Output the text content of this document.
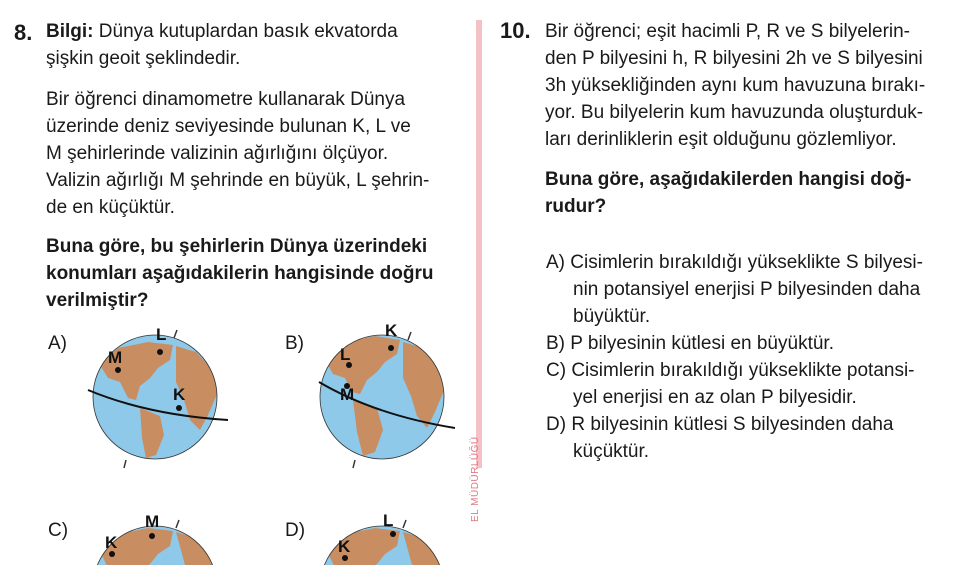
EL MÜDÜRLÜĞÜ
8. Bilgi: Dünya kutuplardan basık ekvatorda
şişkin geoit şeklindedir.
Bir öğrenci dinamometre kullanarak Dünya
üzerinde deniz seviyesinde bulunan K, L ve
M şehirlerinde valizinin ağırlığını ölçüyor.
Valizin ağırlığı M şehrinde en büyük, L şehrin-
de en küçüktür.
Buna göre, bu şehirlerin Dünya üzerindeki
konumları aşağıdakilerin hangisinde doğru
verilmiştir?
A)	L
M
K
B)
K
L
M
C)	M
K
D)	L
K
10. Bir öğrenci; eşit hacimli P, R ve S bilyelerin-
den P bilyesini h, R bilyesini 2h ve S bilyesini
3h yüksekliğinden aynı kum havuzuna bırakı-
yor. Bu bilyelerin kum havuzunda oluşturduk-
ları derinliklerin eşit olduğunu gözlemliyor.
Buna göre, aşağıdakilerden hangisi doğ-
rudur?
A) Cisimlerin bırakıldığı yükseklikte S bilyesi-
nin potansiyel enerjisi P bilyesinden daha
büyüktür.
B) P bilyesinin kütlesi en büyüktür.
C) Cisimlerin bırakıldığı yükseklikte potansi-
yel enerjisi en az olan P bilyesidir.
D) R bilyesinin kütlesi S bilyesinden daha
küçüktür.
